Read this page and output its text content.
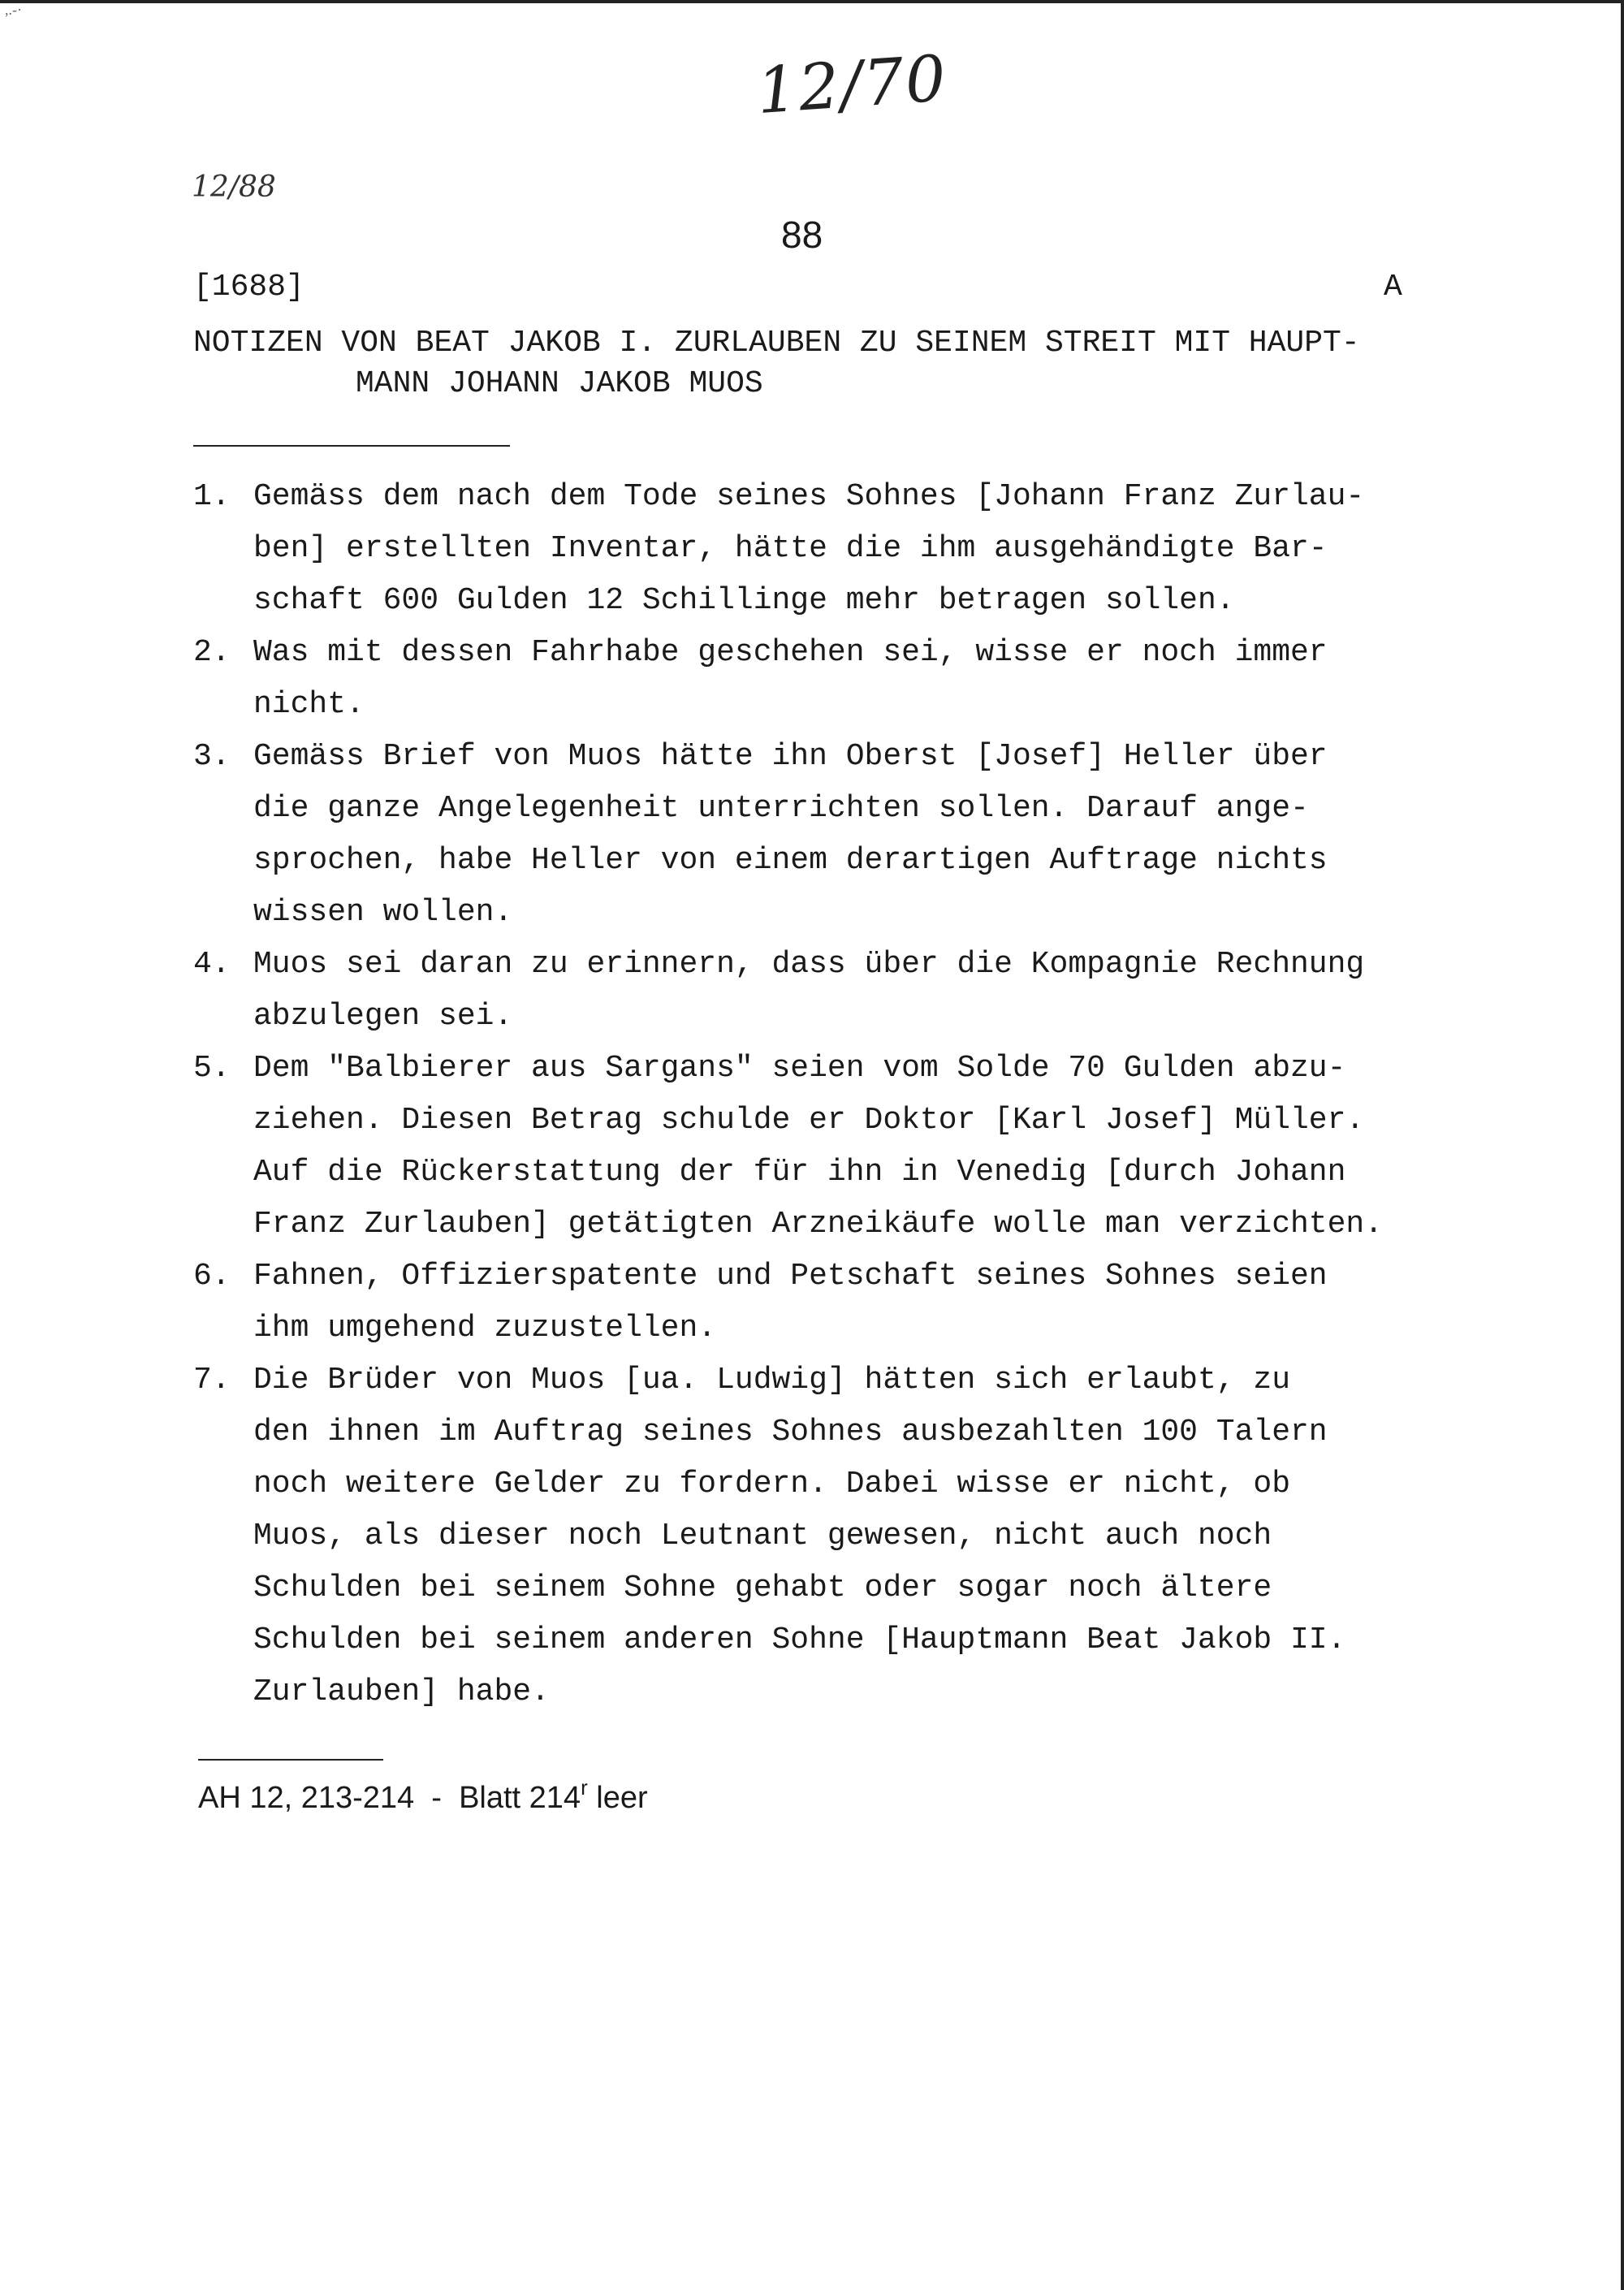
,.-·
12/70
12/88
88
[1688]	A
NOTIZEN VON BEAT JAKOB I. ZURLAUBEN ZU SEINEM STREIT MIT HAUPT-
MANN JOHANN JAKOB MUOS
1. Gemäss dem nach dem Tode seines Sohnes [Johann Franz Zurlau-
ben] erstellten Inventar, hätte die ihm ausgehändigte Bar-
schaft 600 Gulden 12 Schillinge mehr betragen sollen.
2. Was mit dessen Fahrhabe geschehen sei, wisse er noch immer
nicht.
3. Gemäss Brief von Muos hätte ihn Oberst [Josef] Heller über
die ganze Angelegenheit unterrichten sollen. Darauf ange-
sprochen, habe Heller von einem derartigen Auftrage nichts
wissen wollen.
4. Muos sei daran zu erinnern, dass über die Kompagnie Rechnung
abzulegen sei.
5. Dem "Balbierer aus Sargans" seien vom Solde 70 Gulden abzu-
ziehen. Diesen Betrag schulde er Doktor [Karl Josef] Müller.
Auf die Rückerstattung der für ihn in Venedig [durch Johann
Franz Zurlauben] getätigten Arzneikäufe wolle man verzichten.
6. Fahnen, Offizierspatente und Petschaft seines Sohnes seien
ihm umgehend zuzustellen.
7. Die Brüder von Muos [ua. Ludwig] hätten sich erlaubt, zu
den ihnen im Auftrag seines Sohnes ausbezahlten 100 Talern
noch weitere Gelder zu fordern. Dabei wisse er nicht, ob
Muos, als dieser noch Leutnant gewesen, nicht auch noch
Schulden bei seinem Sohne gehabt oder sogar noch ältere
Schulden bei seinem anderen Sohne [Hauptmann Beat Jakob II.
Zurlauben] habe.
AH 12, 213-214  -  Blatt 214$^r$ leer
